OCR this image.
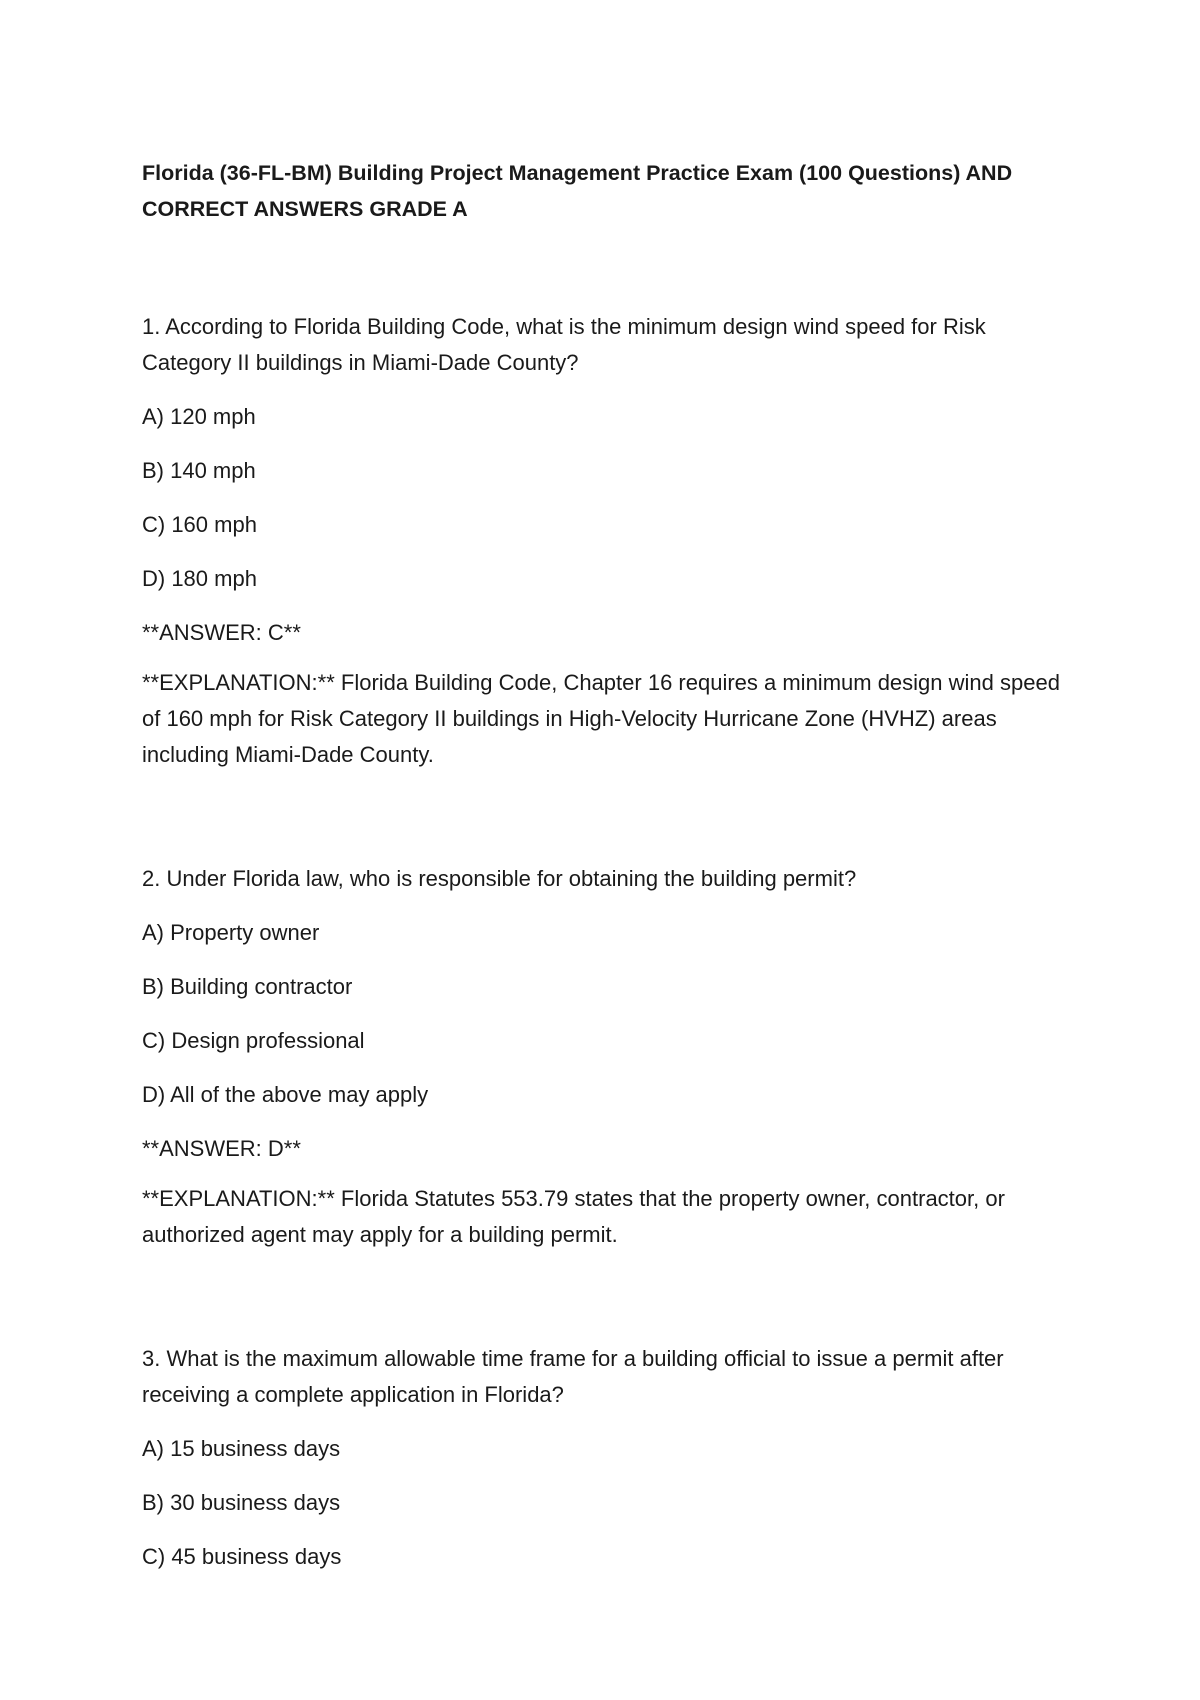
Florida (36-FL-BM) Building Project Management Practice Exam (100 Questions) AND CORRECT ANSWERS GRADE A
1. According to Florida Building Code, what is the minimum design wind speed for Risk Category II buildings in Miami-Dade County?
A) 120 mph
B) 140 mph
C) 160 mph
D) 180 mph
**ANSWER: C**
**EXPLANATION:** Florida Building Code, Chapter 16 requires a minimum design wind speed of 160 mph for Risk Category II buildings in High-Velocity Hurricane Zone (HVHZ) areas including Miami-Dade County.
2. Under Florida law, who is responsible for obtaining the building permit?
A) Property owner
B) Building contractor
C) Design professional
D) All of the above may apply
**ANSWER: D**
**EXPLANATION:** Florida Statutes 553.79 states that the property owner, contractor, or authorized agent may apply for a building permit.
3. What is the maximum allowable time frame for a building official to issue a permit after receiving a complete application in Florida?
A) 15 business days
B) 30 business days
C) 45 business days
